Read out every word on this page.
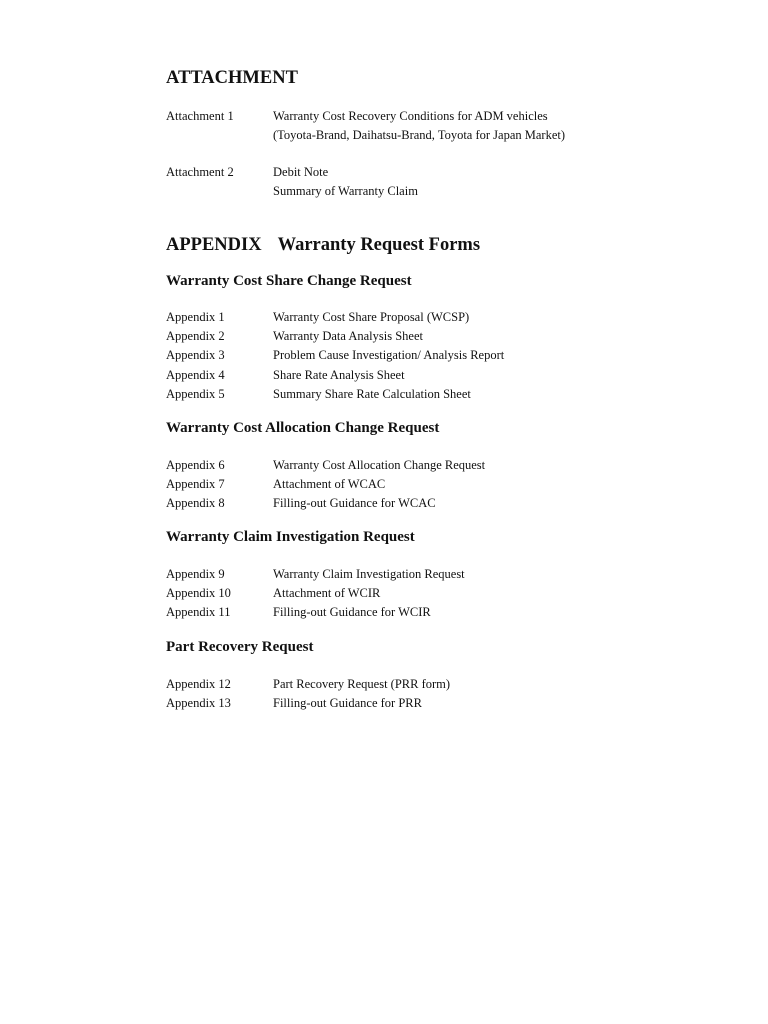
ATTACHMENT
Attachment 1	Warranty Cost Recovery Conditions for ADM vehicles
(Toyota-Brand, Daihatsu-Brand, Toyota for Japan Market)
Attachment 2	Debit Note
Summary of Warranty Claim
APPENDIX Warranty Request Forms
Warranty Cost Share Change Request
Appendix 1	Warranty Cost Share Proposal (WCSP)
Appendix 2	Warranty Data Analysis Sheet
Appendix 3	Problem Cause Investigation/ Analysis Report
Appendix 4	Share Rate Analysis Sheet
Appendix 5	Summary Share Rate Calculation Sheet
Warranty Cost Allocation Change Request
Appendix 6	Warranty Cost Allocation Change Request
Appendix 7	Attachment of WCAC
Appendix 8	Filling-out Guidance for WCAC
Warranty Claim Investigation Request
Appendix 9	Warranty Claim Investigation Request
Appendix 10	Attachment of WCIR
Appendix 11	Filling-out Guidance for WCIR
Part Recovery Request
Appendix 12	Part Recovery Request (PRR form)
Appendix 13	Filling-out Guidance for PRR
